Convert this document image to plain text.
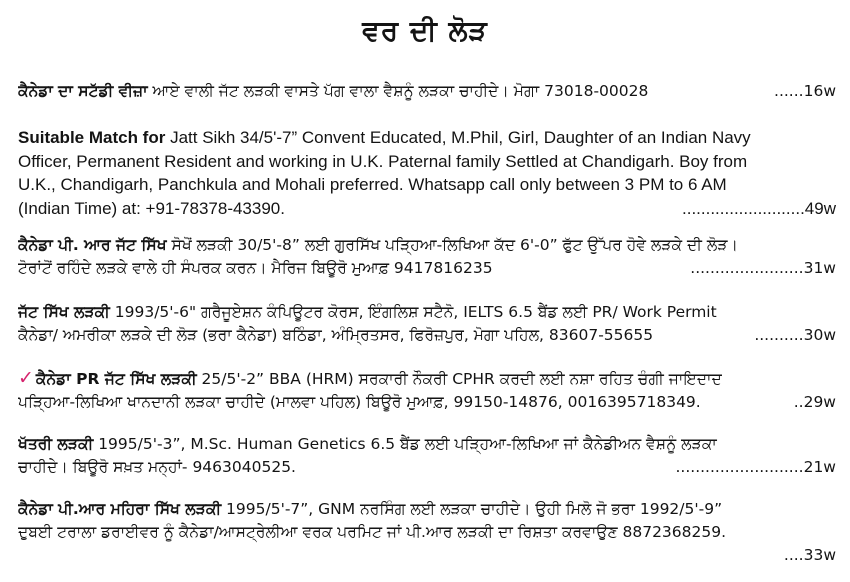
ਵਰ ਦੀ ਲੋੜ
ਕੈਨੇਡਾ ਦਾ ਸਟੱਡੀ ਵੀਜ਼ਾ ਆਏ ਵਾਲੀ ਜੱਟ ਲੜਕੀ ਵਾਸਤੇ ਪੱਗ ਵਾਲਾ ਵੈਸ਼ਨੂੰ ਲੜਕਾ ਚਾਹੀਦੇ। ਮੋਗਾ 73018-00028	......16w
Suitable Match for Jatt Sikh 34/5'-7” Convent Educated, M.Phil, Girl, Daughter of an Indian Navy
Officer, Permanent Resident and working in U.K. Paternal family Settled at Chandigarh. Boy from
U.K., Chandigarh, Panchkula and Mohali preferred. Whatsapp call only between 3 PM to 6 AM
(Indian Time) at: +91-78378-43390.	..........................49w
ਕੈਨੇਡਾ ਪੀ. ਆਰ ਜੱਟ ਸਿੱਖ ਸੋਖੋਂ ਲੜਕੀ 30/5'-8” ਲਈ ਗੁਰਸਿੱਖ ਪੜ੍ਹਿਆ-ਲਿਖਿਆ ਕੱਦ 6'-0” ਫੁੱਟ ਉੱਪਰ ਹੋਵੇ ਲੜਕੇ ਦੀ ਲੋੜ।
ਟੋਰਾਂਟੋਂ ਰਹਿੰਦੇ ਲੜਕੇ ਵਾਲੇ ਹੀ ਸੰਪਰਕ ਕਰਨ। ਮੈਰਿਜ ਬਿਊਰੋ ਮੁਆਫ਼ 9417816235	.......................31w
ਜੱਟ ਸਿੱਖ ਲੜਕੀ 1993/5'-6" ਗਰੈਜੂਏਸ਼ਨ ਕੰਪਿਊਟਰ ਕੋਰਸ, ਇੰਗਲਿਸ਼ ਸਟੈਨੋ, IELTS 6.5 ਬੈਂਡ ਲਈ PR/ Work Permit
ਕੈਨੇਡਾ/ ਅਮਰੀਕਾ ਲੜਕੇ ਦੀ ਲੋੜ (ਭਰਾ ਕੈਨੇਡਾ) ਬਠਿੰਡਾ, ਅੰਮ੍ਰਿਤਸਰ, ਫਿਰੋਜ਼ਪੁਰ, ਮੋਗਾ ਪਹਿਲ, 83607-55655	..........30w
✓ ਕੈਨੇਡਾ PR ਜੱਟ ਸਿੱਖ ਲੜਕੀ 25/5'-2” BBA (HRM) ਸਰਕਾਰੀ ਨੌਕਰੀ CPHR ਕਰਦੀ ਲਈ ਨਸ਼ਾ ਰਹਿਤ ਚੰਗੀ ਜਾਇਦਾਦ
ਪੜ੍ਹਿਆ-ਲਿਖਿਆ ਖਾਨਦਾਨੀ ਲੜਕਾ ਚਾਹੀਦੇ (ਮਾਲਵਾ ਪਹਿਲ) ਬਿਊਰੋ ਮੁਆਫ਼, 99150-14876, 0016395718349.	..29w
ਖੱਤਰੀ ਲੜਕੀ 1995/5'-3”, M.Sc. Human Genetics 6.5 ਬੈਂਡ ਲਈ ਪੜ੍ਹਿਆ-ਲਿਖਿਆ ਜਾਂ ਕੈਨੇਡੀਅਨ ਵੈਸ਼ਨੂੰ ਲੜਕਾ
ਚਾਹੀਦੇ। ਬਿਊਰੋ ਸਖ਼ਤ ਮਨ੍ਹਾਂ- 9463040525.	..........................21w
ਕੈਨੇਡਾ ਪੀ.ਆਰ ਮਹਿਰਾ ਸਿੱਖ ਲੜਕੀ 1995/5'-7”, GNM ਨਰਸਿੰਗ ਲਈ ਲੜਕਾ ਚਾਹੀਦੇ। ਉਹੀ ਮਿਲੋ ਜੋ ਭਰਾ 1992/5'-9”
ਦੁਬਈ ਟਰਾਲਾ ਡਰਾਈਵਰ ਨੂੰ ਕੈਨੇਡਾ/ਆਸਟ੍ਰੇਲੀਆ ਵਰਕ ਪਰਮਿਟ ਜਾਂ ਪੀ.ਆਰ ਲੜਕੀ ਦਾ ਰਿਸ਼ਤਾ ਕਰਵਾਉਣ 8872368259.
....33w
